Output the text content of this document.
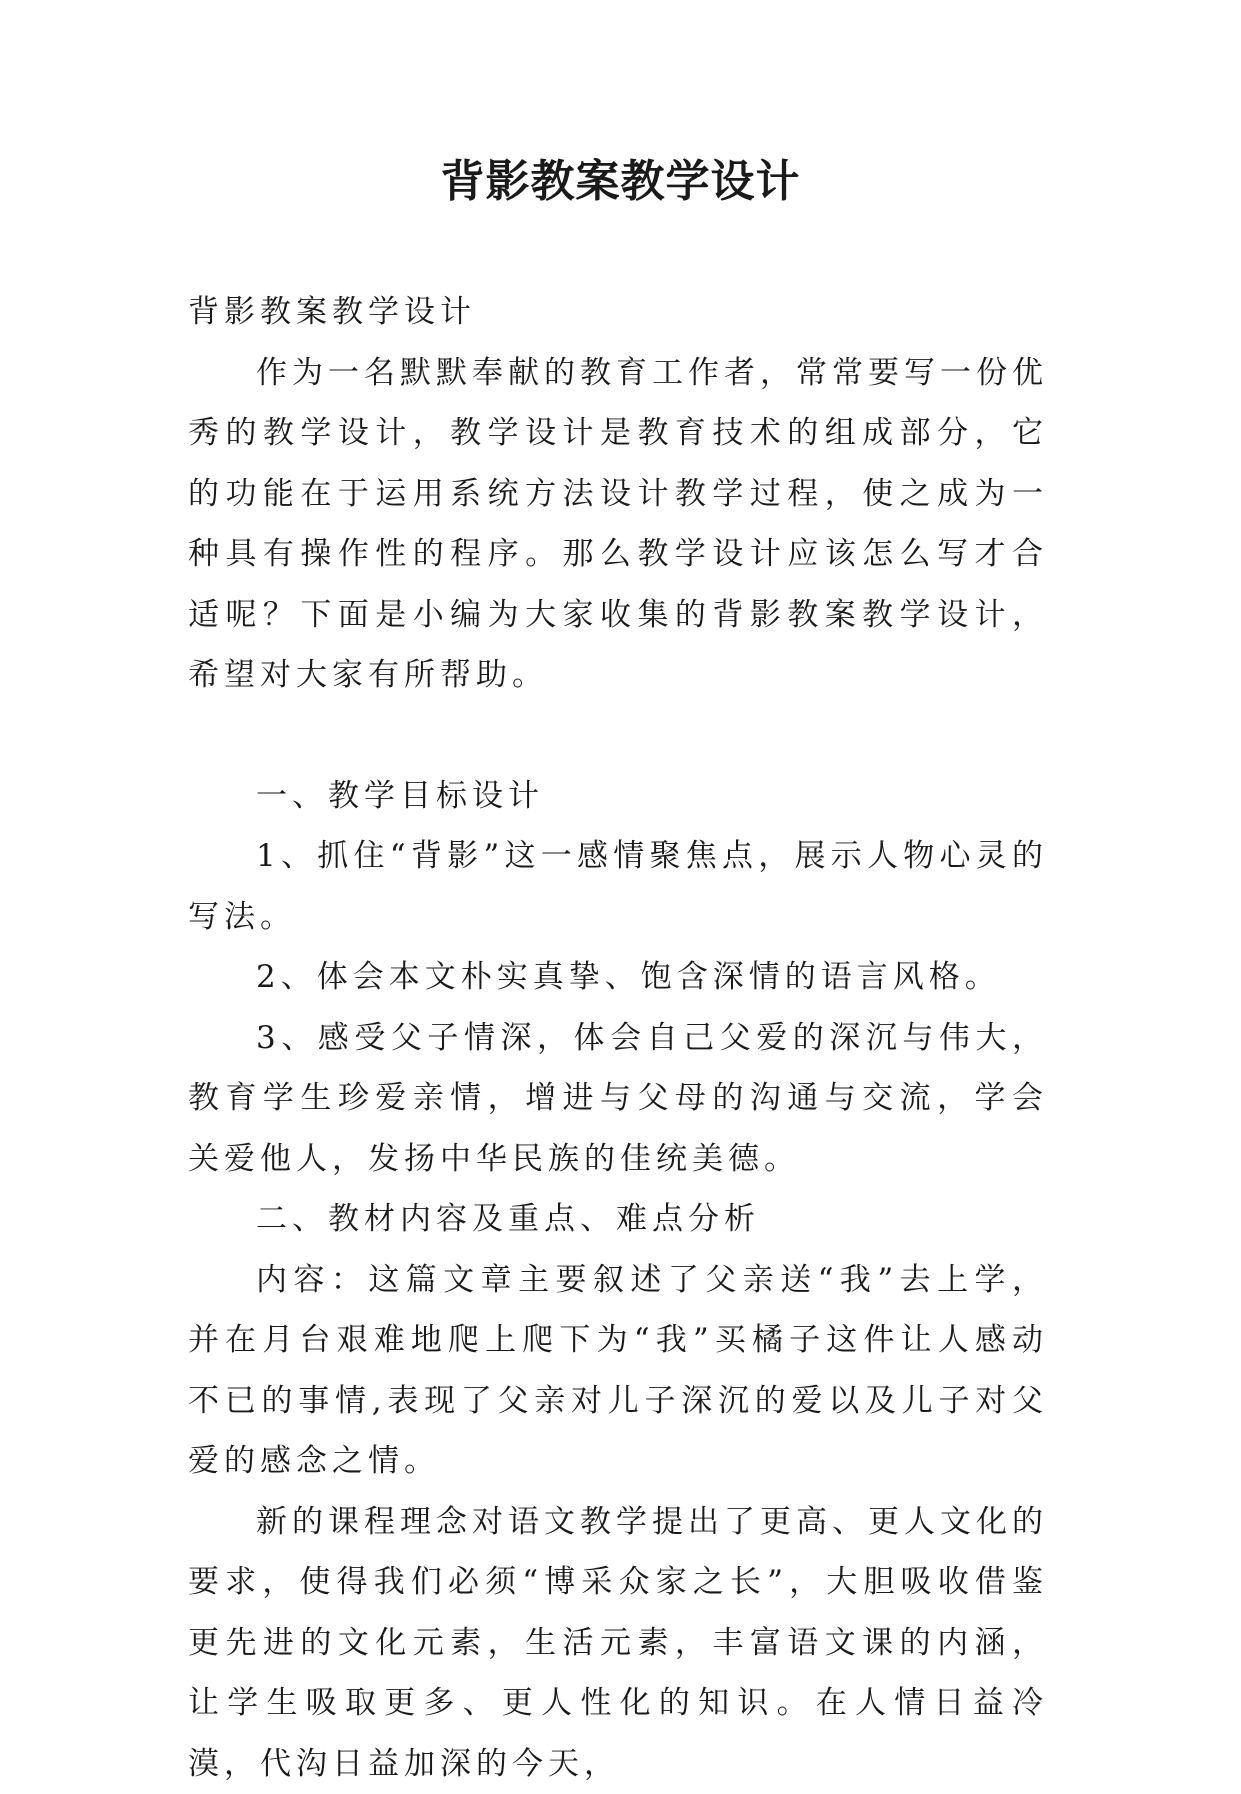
背影教案教学设计

背影教案教学设计

作为一名默默奉献的教育工作者，常常要写一份优秀的教学设计，教学设计是教育技术的组成部分，它的功能在于运用系统方法设计教学过程，使之成为一种具有操作性的程序。那么教学设计应该怎么写才合适呢？下面是小编为大家收集的背影教案教学设计，希望对大家有所帮助。

一、教学目标设计

1、抓住“背影”这一感情聚焦点，展示人物心灵的写法。

2、体会本文朴实真挚、饱含深情的语言风格。

3、感受父子情深，体会自己父爱的深沉与伟大，教育学生珍爱亲情，增进与父母的沟通与交流，学会关爱他人，发扬中华民族的佳统美德。

二、教材内容及重点、难点分析

内容：这篇文章主要叙述了父亲送“我”去上学，并在月台艰难地爬上爬下为“我”买橘子这件让人感动不已的事情,表现了父亲对儿子深沉的爱以及儿子对父爱的感念之情。

新的课程理念对语文教学提出了更高、更人文化的要求，使得我们必须“博采众家之长”，大胆吸收借鉴更先进的文化元素，生活元素，丰富语文课的内涵，让学生吸取更多、更人性化的知识。在人情日益冷漠，代沟日益加深的今天，
